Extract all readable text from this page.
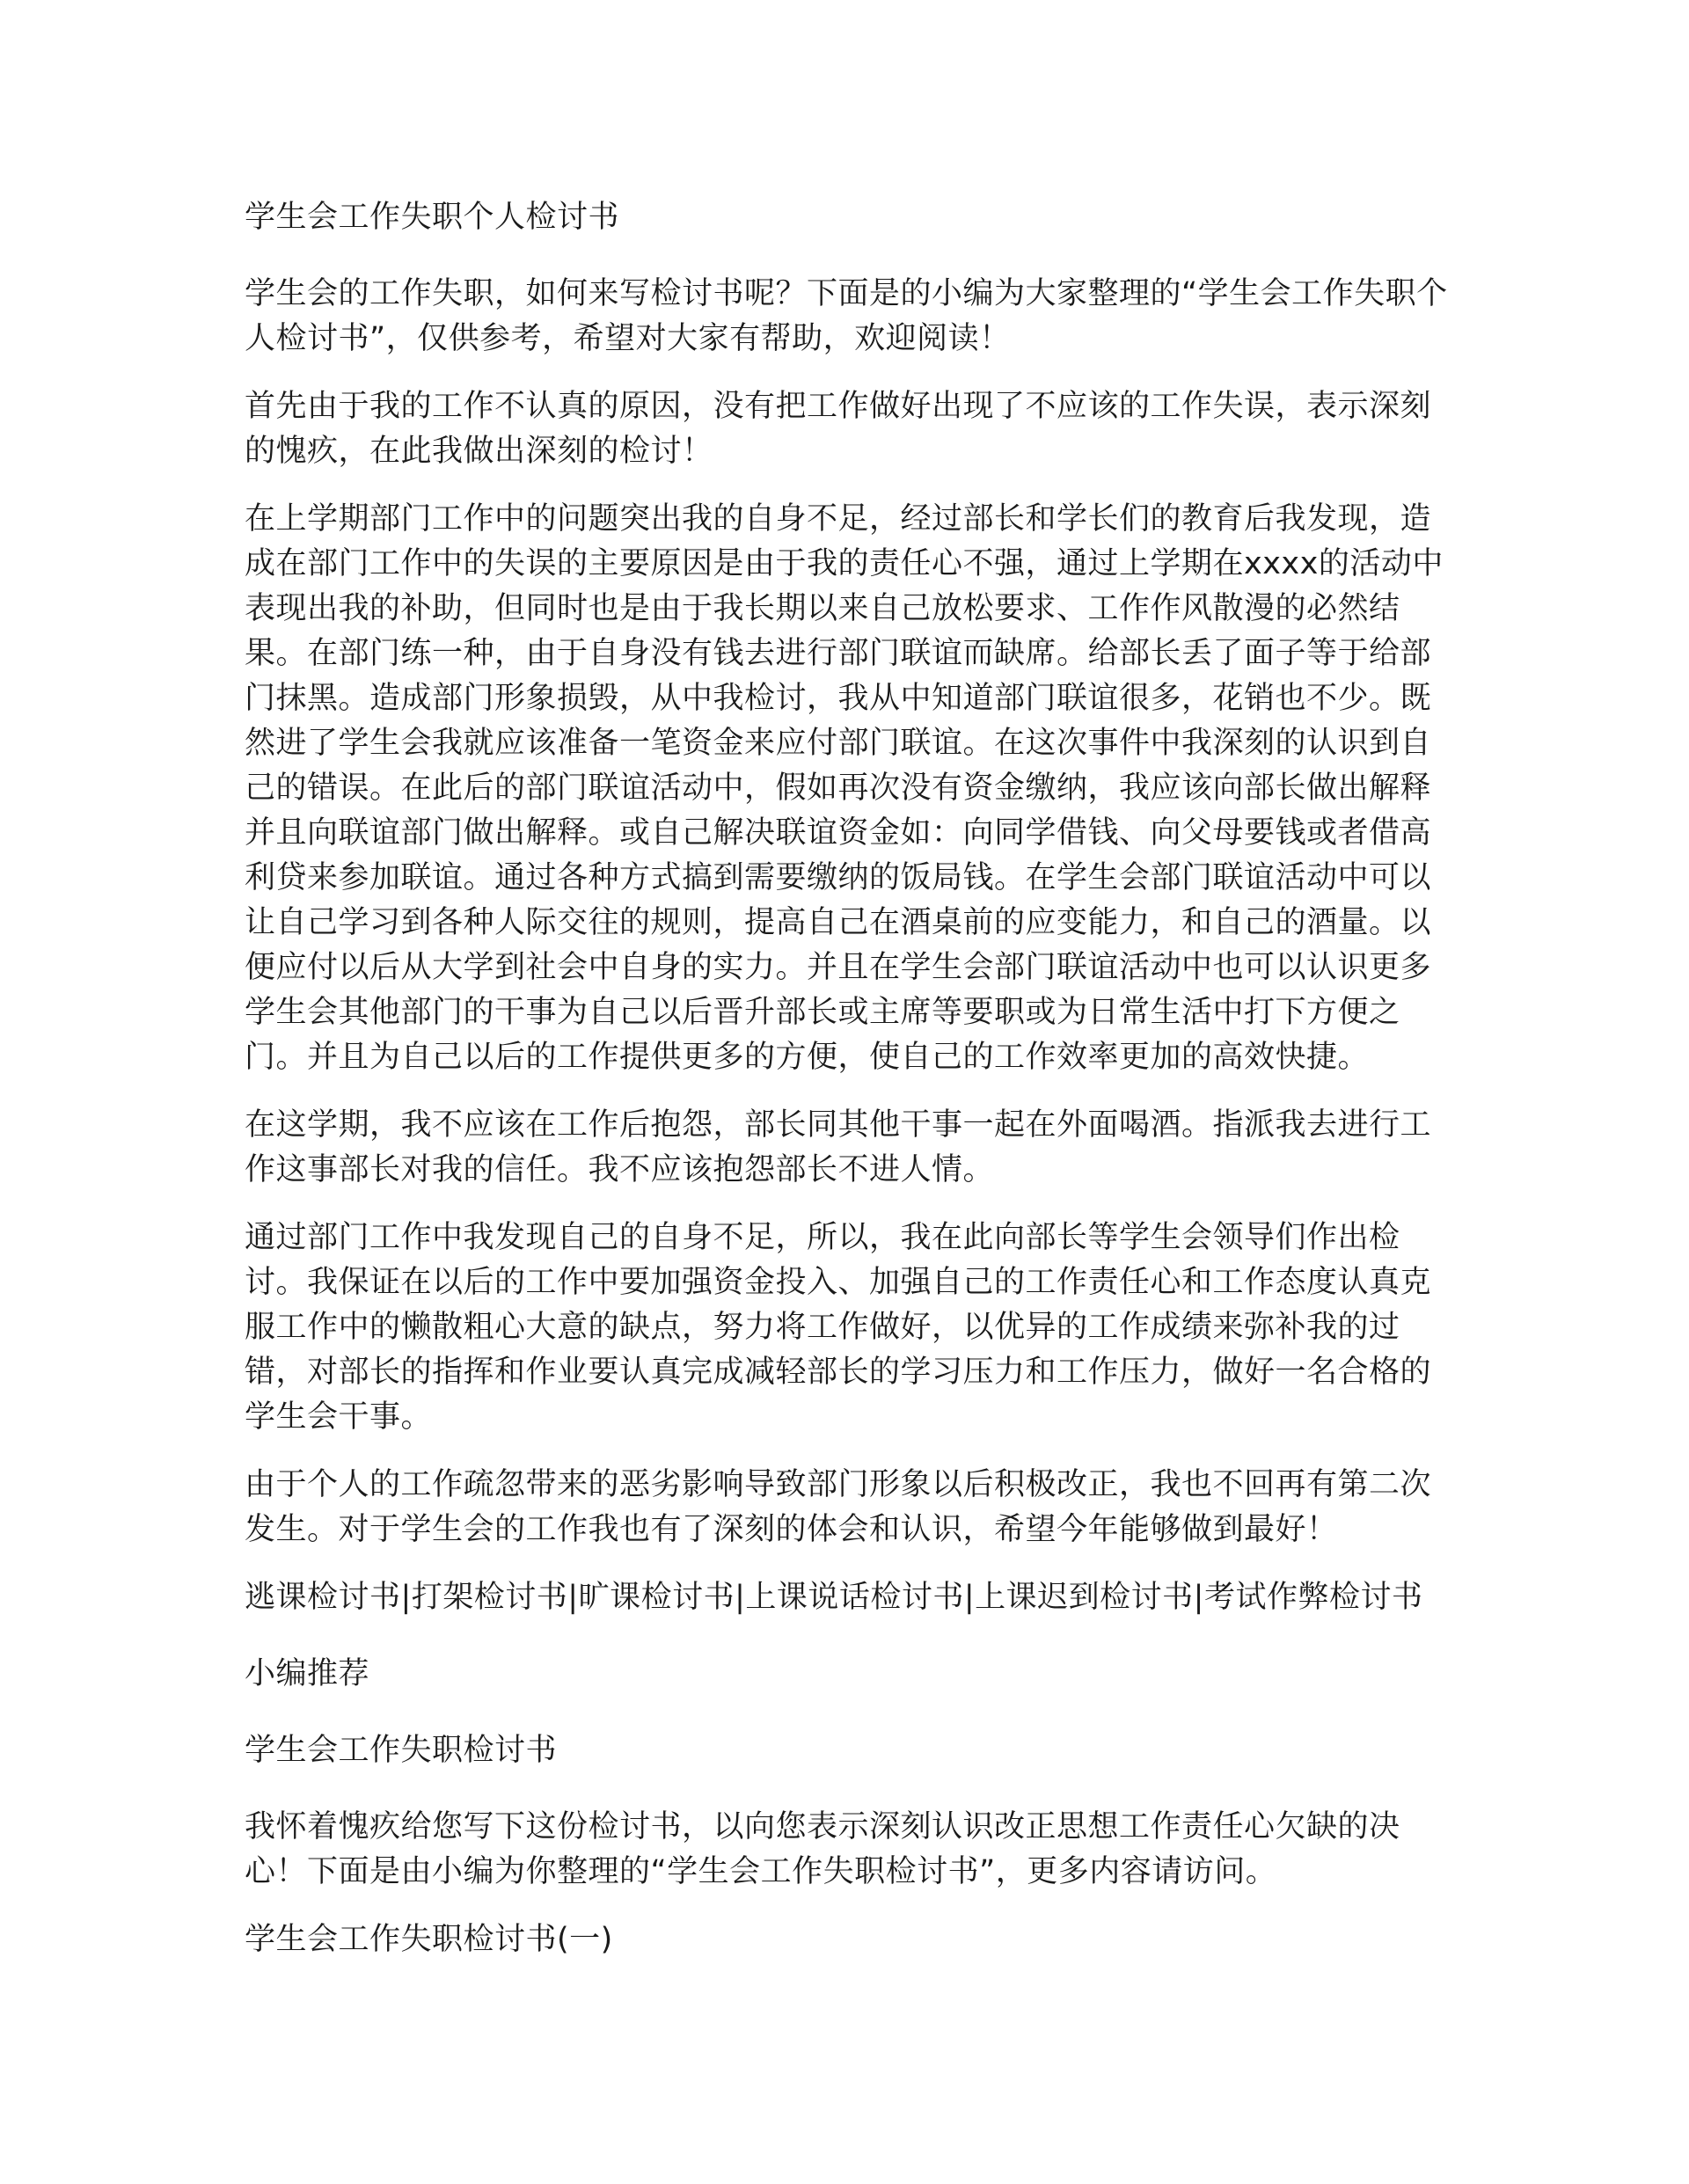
学生会工作失职个人检讨书

学生会的工作失职，如何来写检讨书呢？下面是的小编为大家整理的“学生会工作失职个人检讨书”，仅供参考，希望对大家有帮助，欢迎阅读！

首先由于我的工作不认真的原因，没有把工作做好出现了不应该的工作失误，表示深刻的愧疚，在此我做出深刻的检讨！

在上学期部门工作中的问题突出我的自身不足，经过部长和学长们的教育后我发现，造成在部门工作中的失误的主要原因是由于我的责任心不强，通过上学期在xxxx的活动中表现出我的补助，但同时也是由于我长期以来自己放松要求、工作作风散漫的必然结果。在部门练一种，由于自身没有钱去进行部门联谊而缺席。给部长丢了面子等于给部门抹黑。造成部门形象损毁，从中我检讨，我从中知道部门联谊很多，花销也不少。既然进了学生会我就应该准备一笔资金来应付部门联谊。在这次事件中我深刻的认识到自己的错误。在此后的部门联谊活动中，假如再次没有资金缴纳，我应该向部长做出解释并且向联谊部门做出解释。或自己解决联谊资金如：向同学借钱、向父母要钱或者借高利贷来参加联谊。通过各种方式搞到需要缴纳的饭局钱。在学生会部门联谊活动中可以让自己学习到各种人际交往的规则，提高自己在酒桌前的应变能力，和自己的酒量。以便应付以后从大学到社会中自身的实力。并且在学生会部门联谊活动中也可以认识更多学生会其他部门的干事为自己以后晋升部长或主席等要职或为日常生活中打下方便之门。并且为自己以后的工作提供更多的方便，使自己的工作效率更加的高效快捷。

在这学期，我不应该在工作后抱怨，部长同其他干事一起在外面喝酒。指派我去进行工作这事部长对我的信任。我不应该抱怨部长不进人情。

通过部门工作中我发现自己的自身不足，所以，我在此向部长等学生会领导们作出检讨。我保证在以后的工作中要加强资金投入、加强自己的工作责任心和工作态度认真克服工作中的懒散粗心大意的缺点，努力将工作做好，以优异的工作成绩来弥补我的过错，对部长的指挥和作业要认真完成减轻部长的学习压力和工作压力，做好一名合格的学生会干事。

由于个人的工作疏忽带来的恶劣影响导致部门形象以后积极改正，我也不回再有第二次发生。对于学生会的工作我也有了深刻的体会和认识，希望今年能够做到最好！

逃课检讨书|打架检讨书|旷课检讨书|上课说话检讨书|上课迟到检讨书|考试作弊检讨书

小编推荐

学生会工作失职检讨书

我怀着愧疚给您写下这份检讨书，以向您表示深刻认识改正思想工作责任心欠缺的决心！下面是由小编为你整理的“学生会工作失职检讨书”，更多内容请访问。

学生会工作失职检讨书(一)
